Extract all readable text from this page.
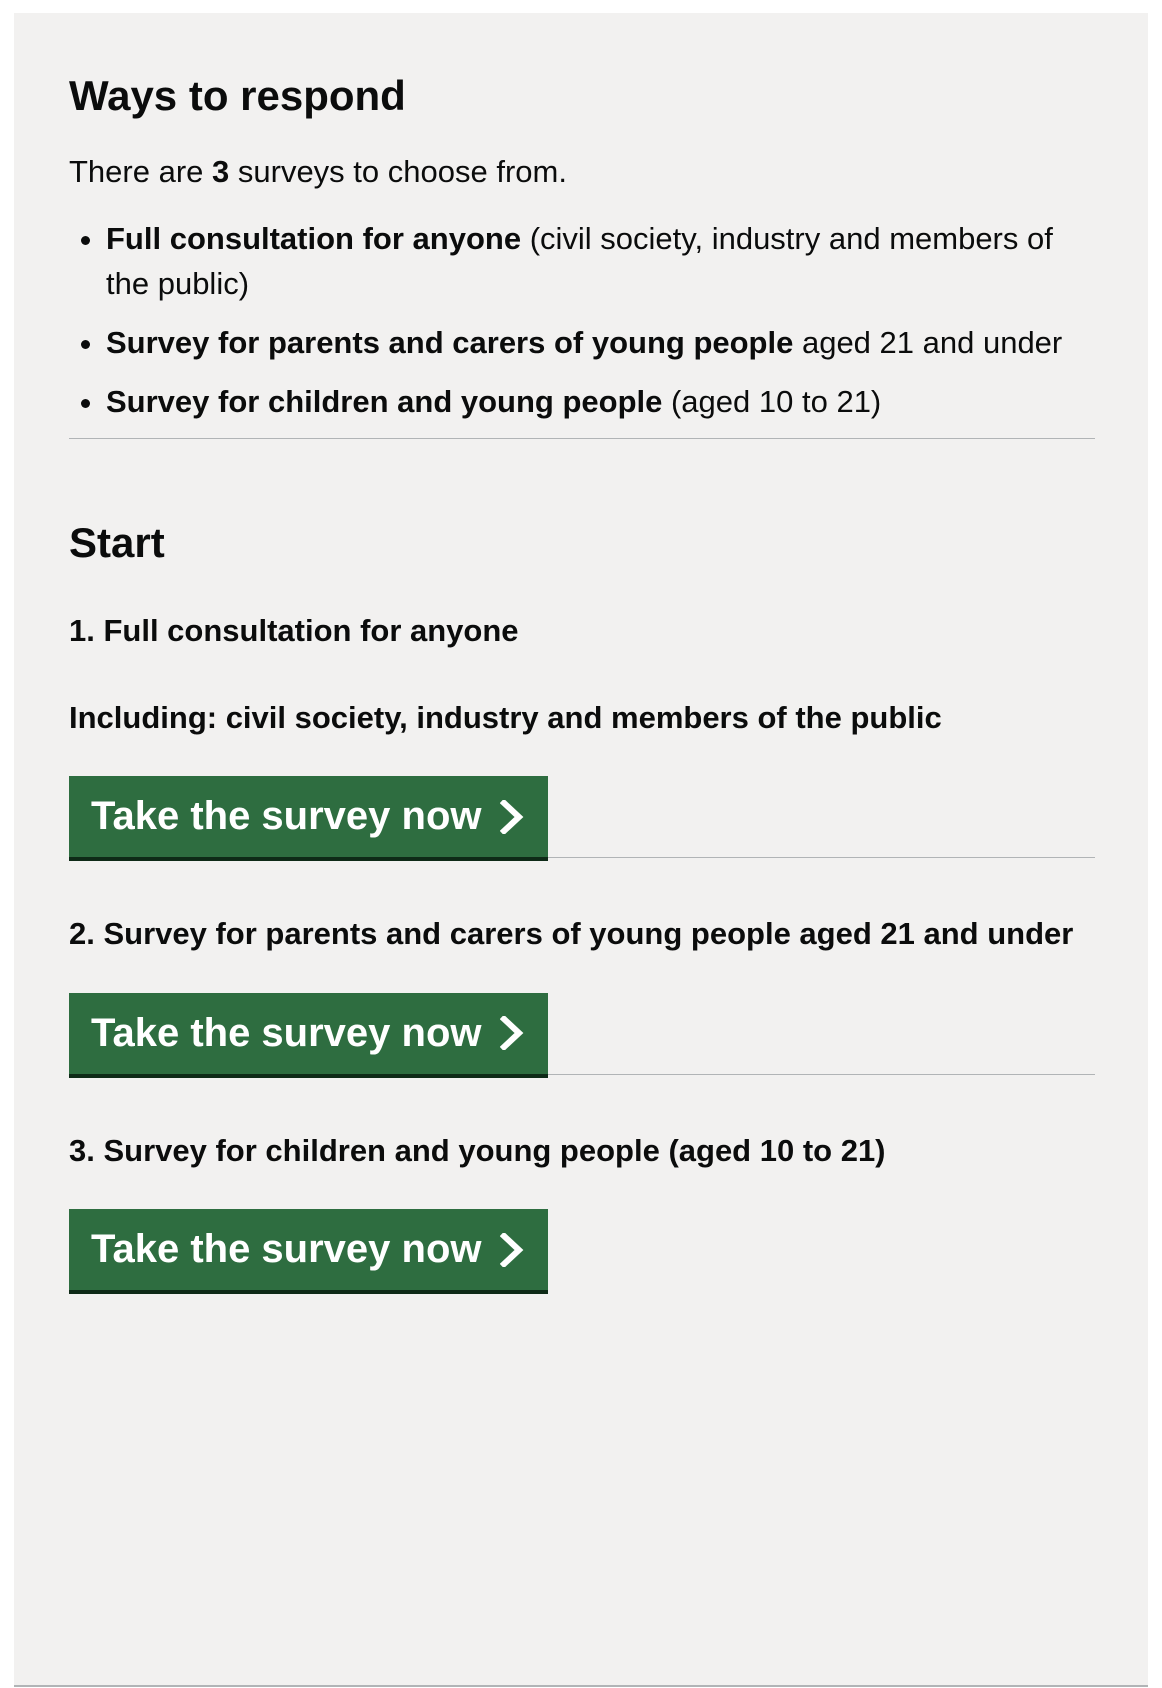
Ways to respond

There are 3 surveys to choose from.

• Full consultation for anyone (civil society, industry and members of the public)
• Survey for parents and carers of young people aged 21 and under
• Survey for children and young people (aged 10 to 21)
Start
1. Full consultation for anyone

Including: civil society, industry and members of the public

Take the survey now
2. Survey for parents and carers of young people aged 21 and under
Take the survey now
3. Survey for children and young people (aged 10 to 21)
Take the survey now
